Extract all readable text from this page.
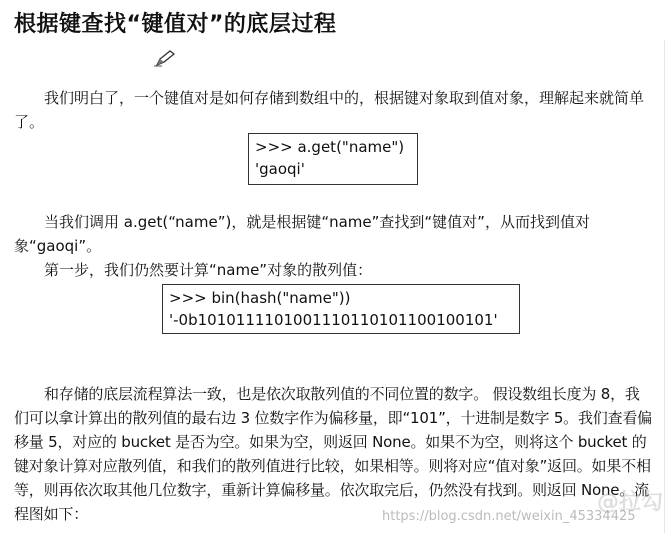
根据键查找“键值对”的底层过程

我们明白了，一个键值对是如何存储到数组中的，根据键对象取到值对象，理解起来就简单了。

>>> a.get("name")
'gaoqi'

当我们调用 a.get(“name”)，就是根据键“name”查找到“键值对”，从而找到值对象“gaoqi”。

第一步，我们仍然要计算“name”对象的散列值：

>>> bin(hash("name"))
'-0b1010111101001110110101100100101'

和存储的底层流程算法一致，也是依次取散列值的不同位置的数字。 假设数组长度为 8，我们可以拿计算出的散列值的最右边 3 位数字作为偏移量，即“101”，十进制是数字 5。我们查看偏移量 5，对应的 bucket 是否为空。如果为空，则返回 None。如果不为空，则将这个 bucket 的键对象计算对应散列值，和我们的散列值进行比较，如果相等。则将对应“值对象”返回。如果不相等，则再依次取其他几位数字，重新计算偏移量。依次取完后，仍然没有找到。则返回 None。流程图如下：	@拉勾
https://blog.csdn.net/weixin_45334425
